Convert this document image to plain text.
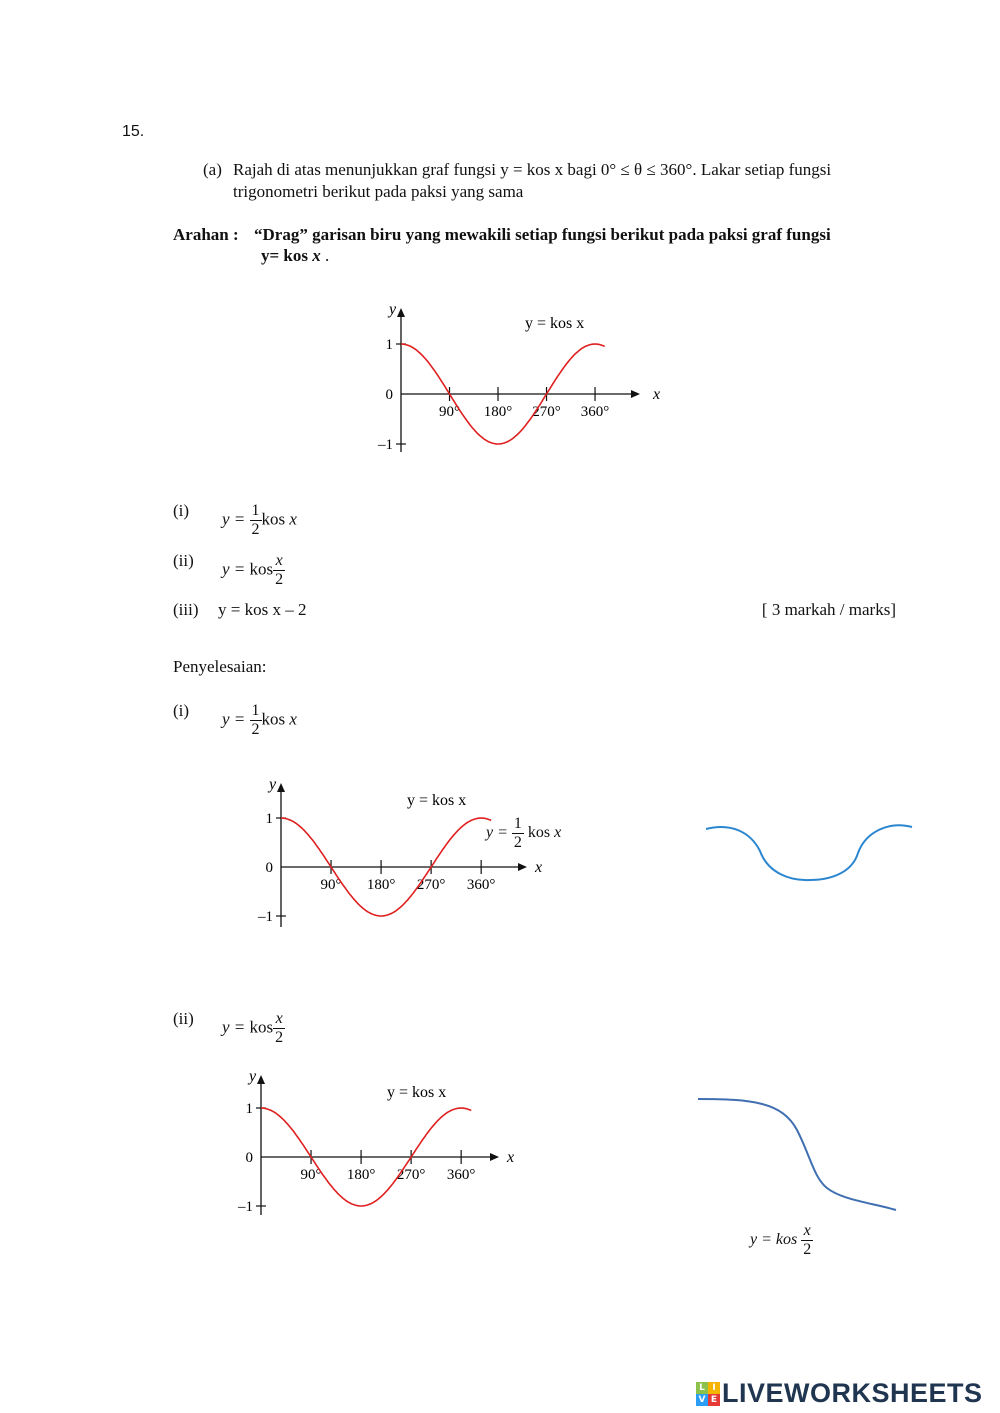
15.
(a) Rajah di atas menunjukkan graf fungsi y = kos x bagi 0° ≤ θ ≤ 360°. Lakar setiap fungsi
trigonometri berikut pada paksi yang sama
Arahan : “Drag” garisan biru yang mewakili setiap fungsi berikut pada paksi graf fungsi
y= kos x .
y
x
1
0
–1
90° 180° 270° 360°
y = kos x
(i) $y = \frac{1}{2}$ kos x
(ii) y = kos $\frac{x}{2}$
(iii) y = kos x – 2	[ 3 markah / marks]
Penyelesaian:
(i) $y = \frac{1}{2}$ kos x
y
x
1
0
–1
90° 180° 270° 360°
y = kos x
$y = \frac{1}{2}$ kos x
(ii) y = kos $\frac{x}{2}$
y
x
1
0
–1
90° 180° 270° 360°
y = kos x
y = kos $\frac{x}{2}$
L I
V E LIVEWORKSHEETS
